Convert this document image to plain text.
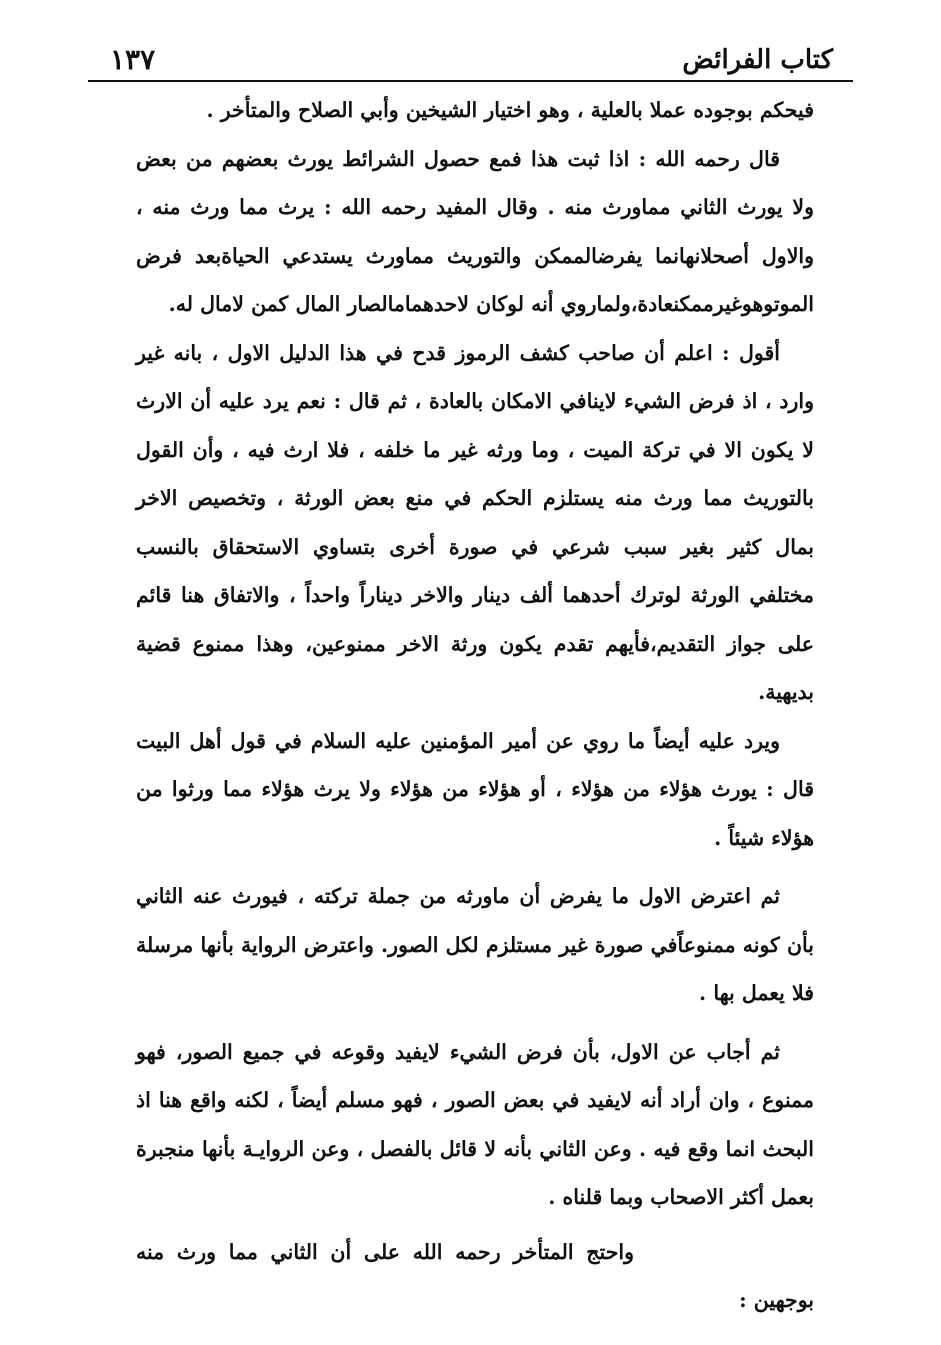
كتاب الفرائض
١٣٧

فيحكم بوجوده عملا بالعلية ، وهو اختيار الشيخين وأبي الصلاح والمتأخر .

قال رحمه الله : اذا ثبت هذا فمع حصول الشرائط يورث بعضهم من بعض ولا يورث الثاني مماورث منه . وقال المفيد رحمه الله : يرث مما ورث منه ، والاول أصحلانهانما يفرضالممكن والتوريث مماورث يستدعي الحياةبعد فرض الموتوهوغيرممكنعادة،ولماروي أنه لوكان لاحدهمامالصار المال كمن لامال له.

أقول : اعلم أن صاحب كشف الرموز قدح في هذا الدليل الاول ، بانه غير وارد ، اذ فرض الشيء لاينافي الامكان بالعادة ، ثم قال : نعم يرد عليه أن الارث لا يكون الا في تركة الميت ، وما ورثه غير ما خلفه ، فلا ارث فيه ، وأن القول بالتوريث مما ورث منه يستلزم الحكم في منع بعض الورثة ، وتخصيص الاخر بمال كثير بغير سبب شرعي في صورة أخرى بتساوي الاستحقاق بالنسب مختلفي الورثة لوترك أحدهما ألف دينار والاخر ديناراً واحداً ، والاتفاق هنا قائم على جواز التقديم،فأيهم تقدم يكون ورثة الاخر ممنوعين، وهذا ممنوع قضية بديهية.

ويرد عليه أيضاً ما روي عن أمير المؤمنين عليه السلام في قول أهل البيت قال : يورث هؤلاء من هؤلاء ، أو هؤلاء من هؤلاء ولا يرث هؤلاء مما ورثوا من هؤلاء شيئاً .

ثم اعترض الاول ما يفرض أن ماورثه من جملة تركته ، فيورث عنه الثاني بأن كونه ممنوعاًفي صورة غير مستلزم لكل الصور. واعترض الرواية بأنها مرسلة فلا يعمل بها .

ثم أجاب عن الاول، بأن فرض الشيء لايفيد وقوعه في جميع الصور، فهو ممنوع ، وان أراد أنه لايفيد في بعض الصور ، فهو مسلم أيضاً ، لكنه واقع هنا اذ البحث انما وقع فيه . وعن الثاني بأنه لا قائل بالفصل ، وعن الروايـة بأنها منجبرة بعمل أكثر الاصحاب وبما قلناه .

واحتج المتأخر رحمه الله على أن الثاني مما ورث منه بوجهين :
